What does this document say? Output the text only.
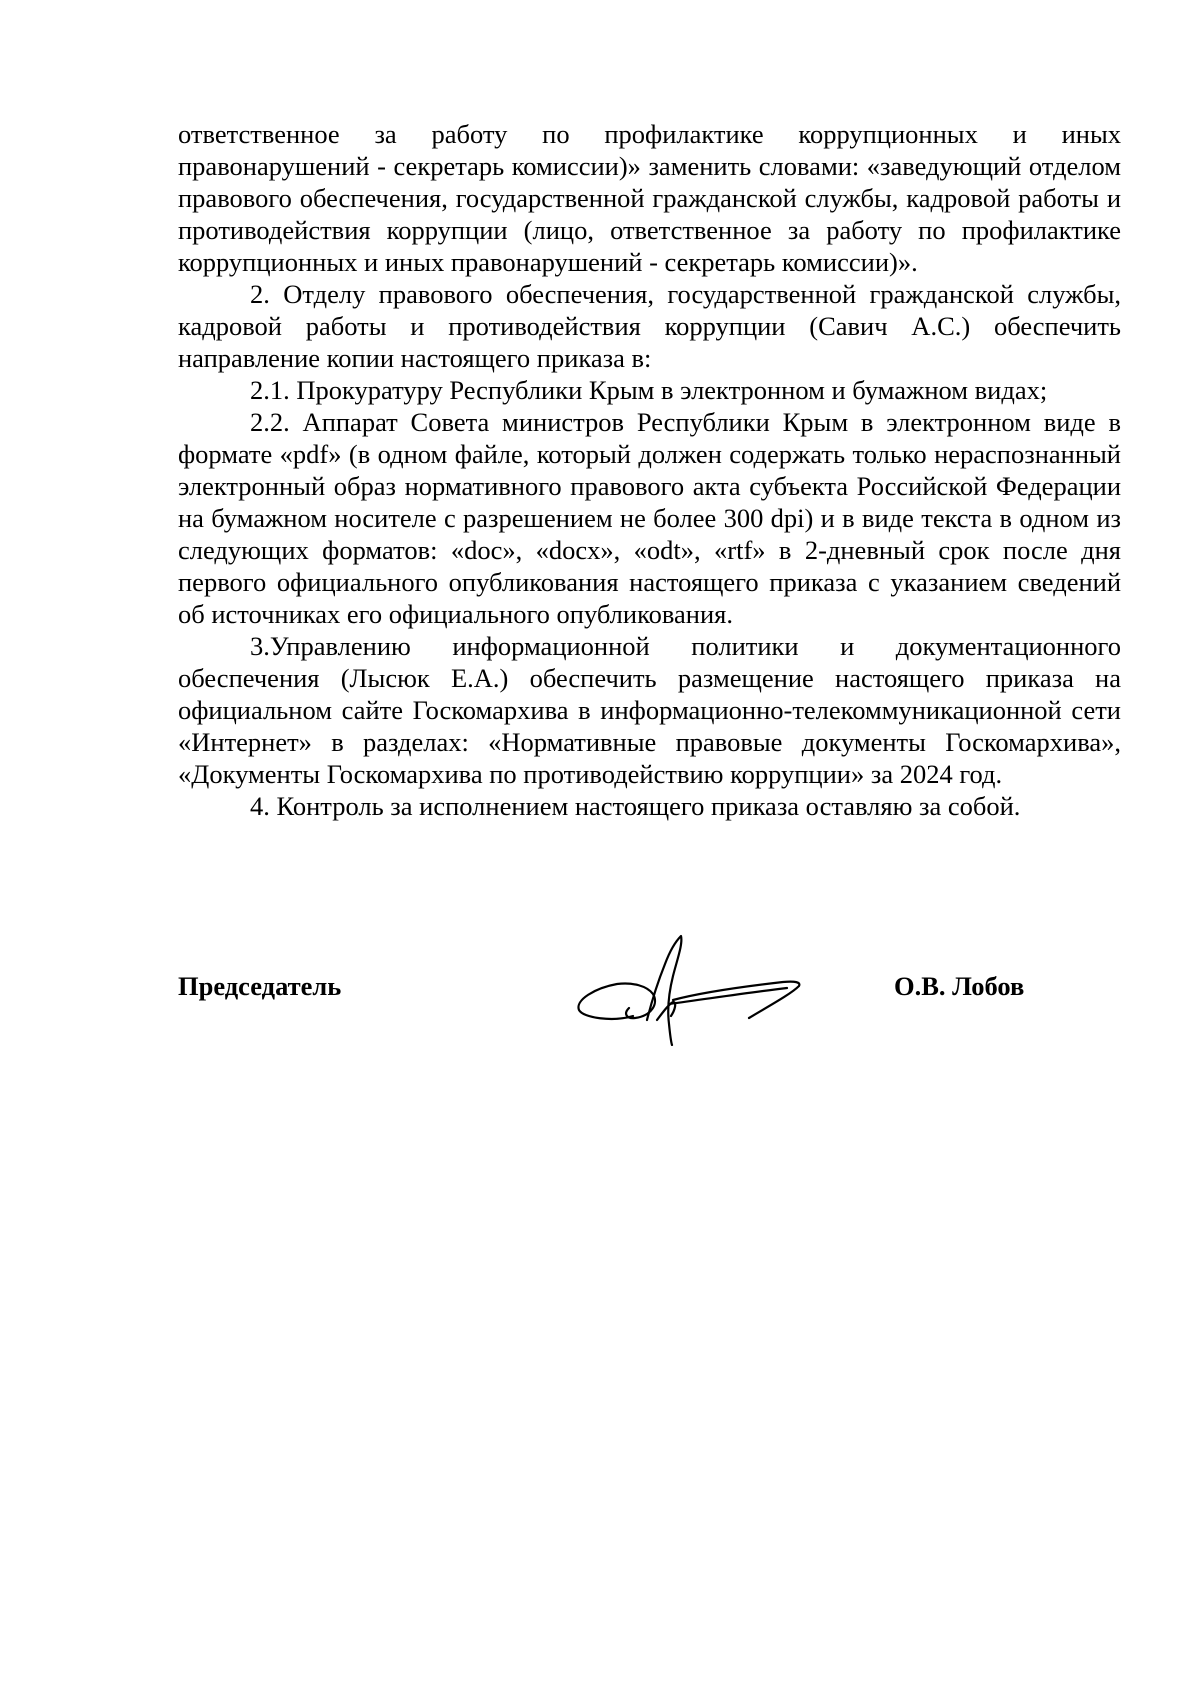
ответственное за работу по профилактике коррупционных и иных правонарушений - секретарь комиссии)» заменить словами: «заведующий отделом правового обеспечения, государственной гражданской службы, кадровой работы и противодействия коррупции (лицо, ответственное за работу по профилактике коррупционных и иных правонарушений - секретарь комиссии)».

2. Отделу правового обеспечения, государственной гражданской службы, кадровой работы и противодействия коррупции (Савич А.С.) обеспечить направление копии настоящего приказа в:

2.1. Прокуратуру Республики Крым в электронном и бумажном видах;

2.2. Аппарат Совета министров Республики Крым в электронном виде в формате «pdf» (в одном файле, который должен содержать только нераспознанный электронный образ нормативного правового акта субъекта Российской Федерации на бумажном носителе с разрешением не более 300 dpi) и в виде текста в одном из следующих форматов: «doc», «docx», «odt», «rtf» в 2-дневный срок после дня первого официального опубликования настоящего приказа с указанием сведений об источниках его официального опубликования.

3.Управлению информационной политики и документационного обеспечения (Лысюк Е.А.) обеспечить размещение настоящего приказа на официальном сайте Госкомархива в информационно-телекоммуникационной сети «Интернет» в разделах: «Нормативные правовые документы Госкомархива», «Документы Госкомархива по противодействию коррупции» за 2024 год.

4. Контроль за исполнением настоящего приказа оставляю за собой.

Председатель	О.В. Лобов
